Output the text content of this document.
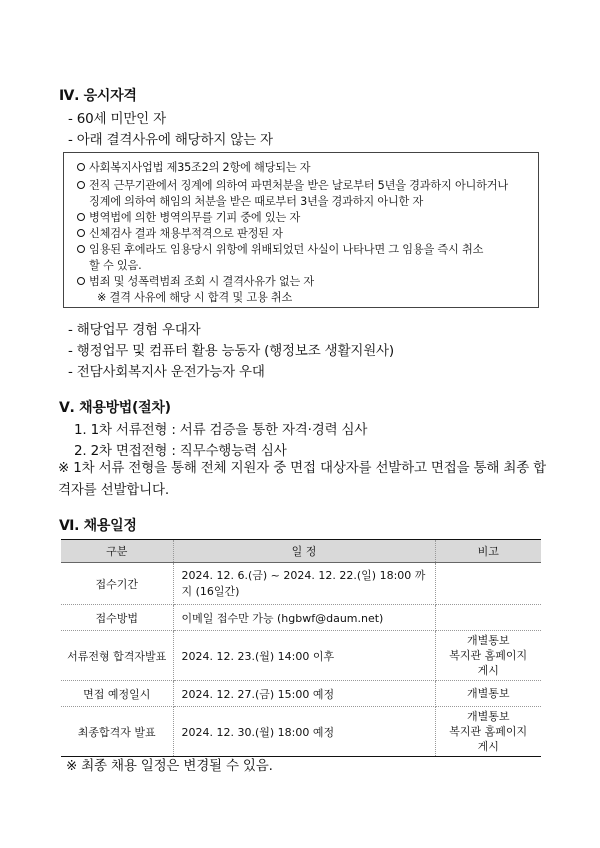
Ⅳ. 응시자격
- 60세 미만인 자
- 아래 결격사유에 해당하지 않는 자
사회복지사업법 제35조2의 2항에 해당되는 자
전직 근무기관에서 징계에 의하여 파면처분을 받은 날로부터 5년을 경과하지 아니하거나
징계에 의하여 해임의 처분을 받은 때로부터 3년을 경과하지 아니한 자
병역법에 의한 병역의무를 기피 중에 있는 자
신체검사 결과 채용부적격으로 판정된 자
임용된 후에라도 임용당시 위항에 위배되었던 사실이 나타나면 그 임용을 즉시 취소
할 수 있음.
범죄 및 성폭력범죄 조회 시 결격사유가 없는 자
※ 결격 사유에 해당 시 합격 및 고용 취소
- 해당업무 경험 우대자
- 행정업무 및 컴퓨터 활용 능동자 (행정보조 생활지원사)
- 전담사회복지사 운전가능자 우대
Ⅴ. 채용방법(절차)
1. 1차 서류전형 : 서류 검증을 통한 자격·경력 심사
2. 2차 면접전형 : 직무수행능력 심사
※ 1차 서류 전형을 통해 전체 지원자 중 면접 대상자를 선발하고 면접을 통해 최종 합격자를 선발합니다.
Ⅵ. 채용일정
구분	일 정	비고
접수기간	2024. 12. 6.(금) ~ 2024. 12. 22.(일) 18:00 까지 (16일간)	
접수방법	이메일 접수만 가능 (hgbwf@daum.net)	
서류전형 합격자발표	2024. 12. 23.(월) 14:00 이후	개별통보
복지관 홈페이지
게시
면접 예정일시	2024. 12. 27.(금) 15:00 예정	개별통보
최종합격자 발표	2024. 12. 30.(월) 18:00 예정	개별통보
복지관 홈페이지
게시
※ 최종 채용 일정은 변경될 수 있음.
